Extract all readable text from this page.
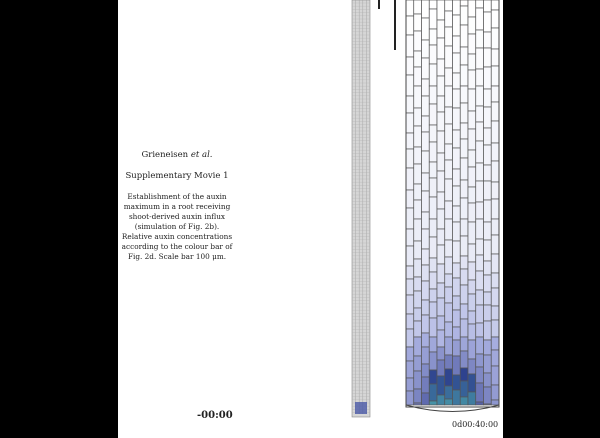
Grieneisen et al.
Supplementary Movie 1
Establishment of the auxin
maximum in a root receiving
shoot-derived auxin influx
(simulation of Fig. 2b).
Relative auxin concentrations
according to the colour bar of
Fig. 2d. Scale bar 100 μm.
-00:00
0d00:40:00
